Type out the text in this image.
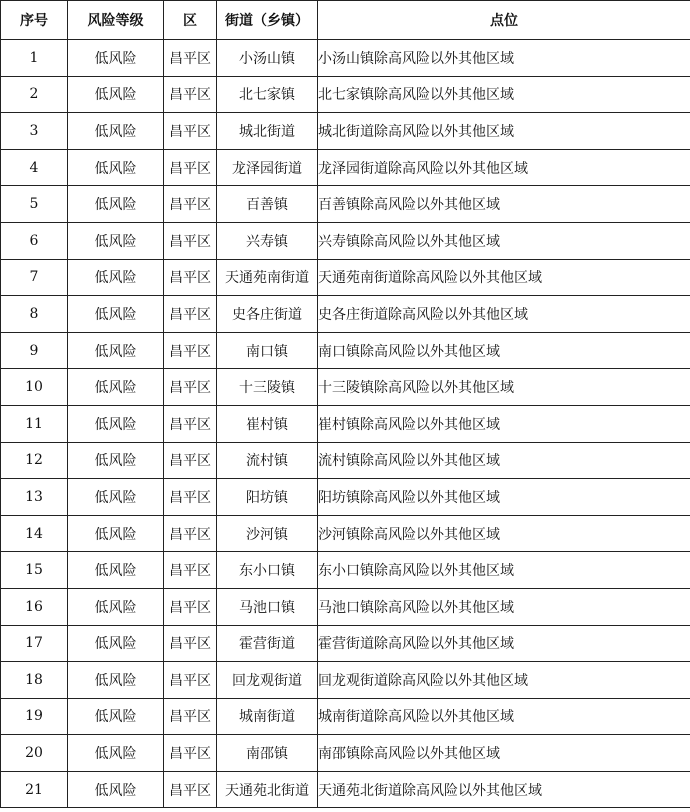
序号	风险等级	区	街道（乡镇）	点位
1	低风险	昌平区	小汤山镇	小汤山镇除高风险以外其他区域
2	低风险	昌平区	北七家镇	北七家镇除高风险以外其他区域
3	低风险	昌平区	城北街道	城北街道除高风险以外其他区域
4	低风险	昌平区	龙泽园街道	龙泽园街道除高风险以外其他区域
5	低风险	昌平区	百善镇	百善镇除高风险以外其他区域
6	低风险	昌平区	兴寿镇	兴寿镇除高风险以外其他区域
7	低风险	昌平区	天通苑南街道	天通苑南街道除高风险以外其他区域
8	低风险	昌平区	史各庄街道	史各庄街道除高风险以外其他区域
9	低风险	昌平区	南口镇	南口镇除高风险以外其他区域
10	低风险	昌平区	十三陵镇	十三陵镇除高风险以外其他区域
11	低风险	昌平区	崔村镇	崔村镇除高风险以外其他区域
12	低风险	昌平区	流村镇	流村镇除高风险以外其他区域
13	低风险	昌平区	阳坊镇	阳坊镇除高风险以外其他区域
14	低风险	昌平区	沙河镇	沙河镇除高风险以外其他区域
15	低风险	昌平区	东小口镇	东小口镇除高风险以外其他区域
16	低风险	昌平区	马池口镇	马池口镇除高风险以外其他区域
17	低风险	昌平区	霍营街道	霍营街道除高风险以外其他区域
18	低风险	昌平区	回龙观街道	回龙观街道除高风险以外其他区域
19	低风险	昌平区	城南街道	城南街道除高风险以外其他区域
20	低风险	昌平区	南邵镇	南邵镇除高风险以外其他区域
21	低风险	昌平区	天通苑北街道	天通苑北街道除高风险以外其他区域
